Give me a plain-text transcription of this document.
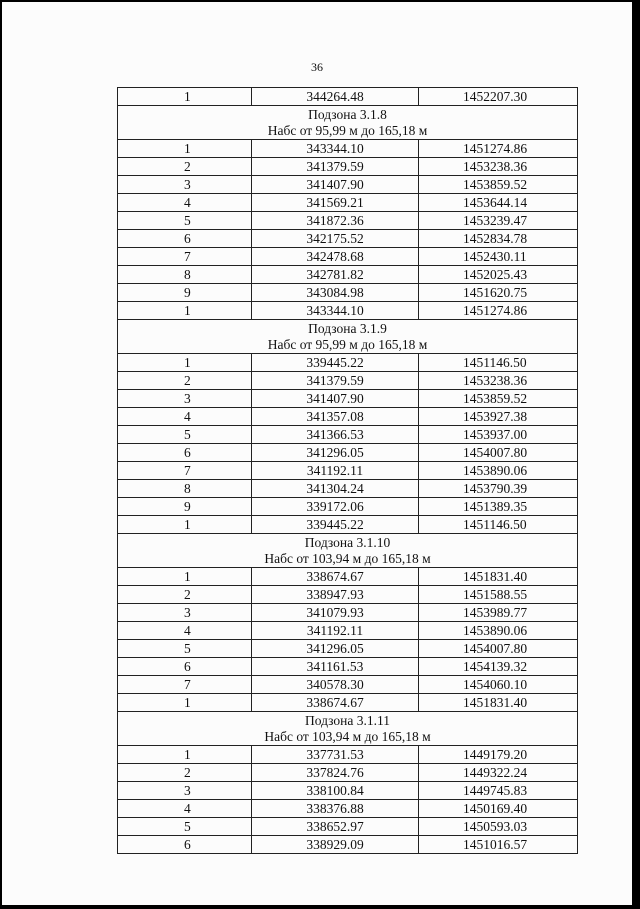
36
1	344264.48	1452207.30

Подзона 3.1.8
Набс от 95,99 м до 165,18 м		

1	343344.10	1451274.86
2	341379.59	1453238.36
3	341407.90	1453859.52
4	341569.21	1453644.14
5	341872.36	1453239.47
6	342175.52	1452834.78
7	342478.68	1452430.11
8	342781.82	1452025.43
9	343084.98	1451620.75
1	343344.10	1451274.86

Подзона 3.1.9
Набс от 95,99 м до 165,18 м		

1	339445.22	1451146.50
2	341379.59	1453238.36
3	341407.90	1453859.52
4	341357.08	1453927.38
5	341366.53	1453937.00
6	341296.05	1454007.80
7	341192.11	1453890.06
8	341304.24	1453790.39
9	339172.06	1451389.35
1	339445.22	1451146.50

Подзона 3.1.10
Набс от 103,94 м до 165,18 м		

1	338674.67	1451831.40
2	338947.93	1451588.55
3	341079.93	1453989.77
4	341192.11	1453890.06
5	341296.05	1454007.80
6	341161.53	1454139.32
7	340578.30	1454060.10
1	338674.67	1451831.40

Подзона 3.1.11
Набс от 103,94 м до 165,18 м		

1	337731.53	1449179.20
2	337824.76	1449322.24
3	338100.84	1449745.83
4	338376.88	1450169.40
5	338652.97	1450593.03
6	338929.09	1451016.57
